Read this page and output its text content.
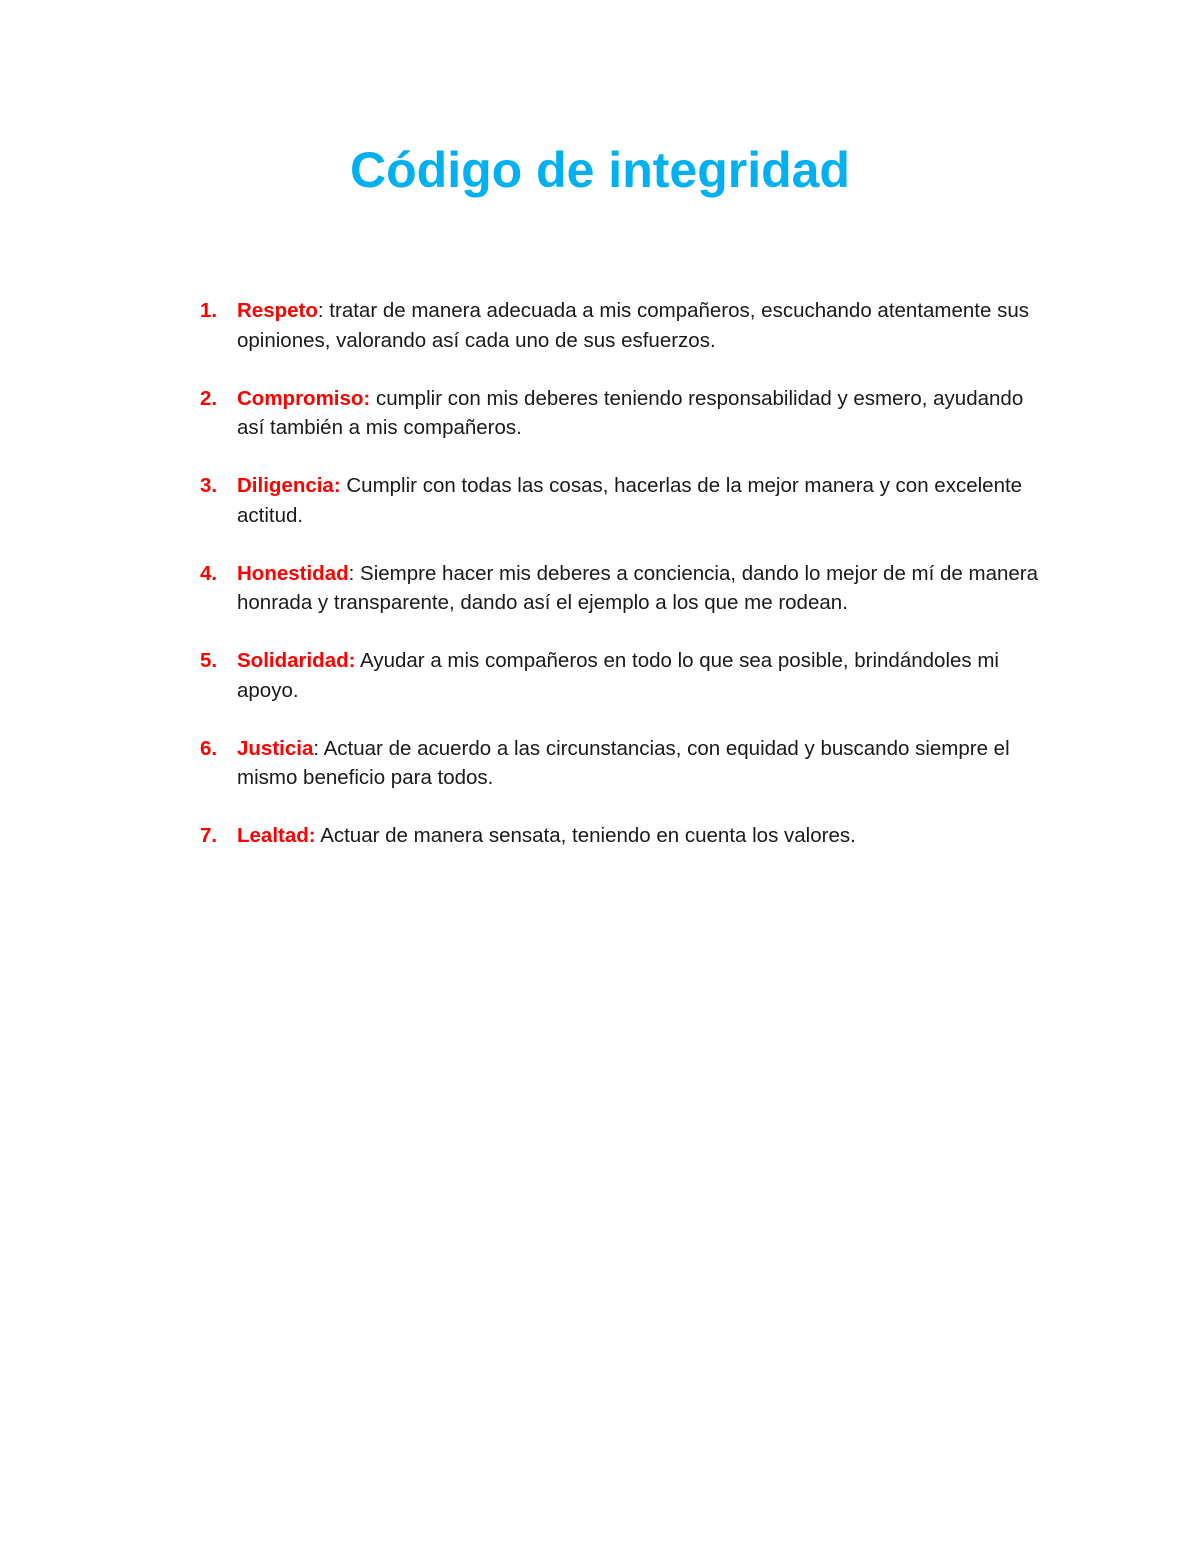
Código de integridad
1. Respeto: tratar de manera adecuada a mis compañeros, escuchando atentamente sus opiniones, valorando así cada uno de sus esfuerzos.
2. Compromiso: cumplir con mis deberes teniendo responsabilidad y esmero, ayudando así también a mis compañeros.
3. Diligencia: Cumplir con todas las cosas, hacerlas de la mejor manera y con excelente actitud.
4. Honestidad: Siempre hacer mis deberes a conciencia, dando lo mejor de mí de manera honrada y transparente, dando así el ejemplo a los que me rodean.
5. Solidaridad: Ayudar a mis compañeros en todo lo que sea posible, brindándoles mi apoyo.
6. Justicia: Actuar de acuerdo a las circunstancias, con equidad y buscando siempre el mismo beneficio para todos.
7. Lealtad: Actuar de manera sensata, teniendo en cuenta los valores.
